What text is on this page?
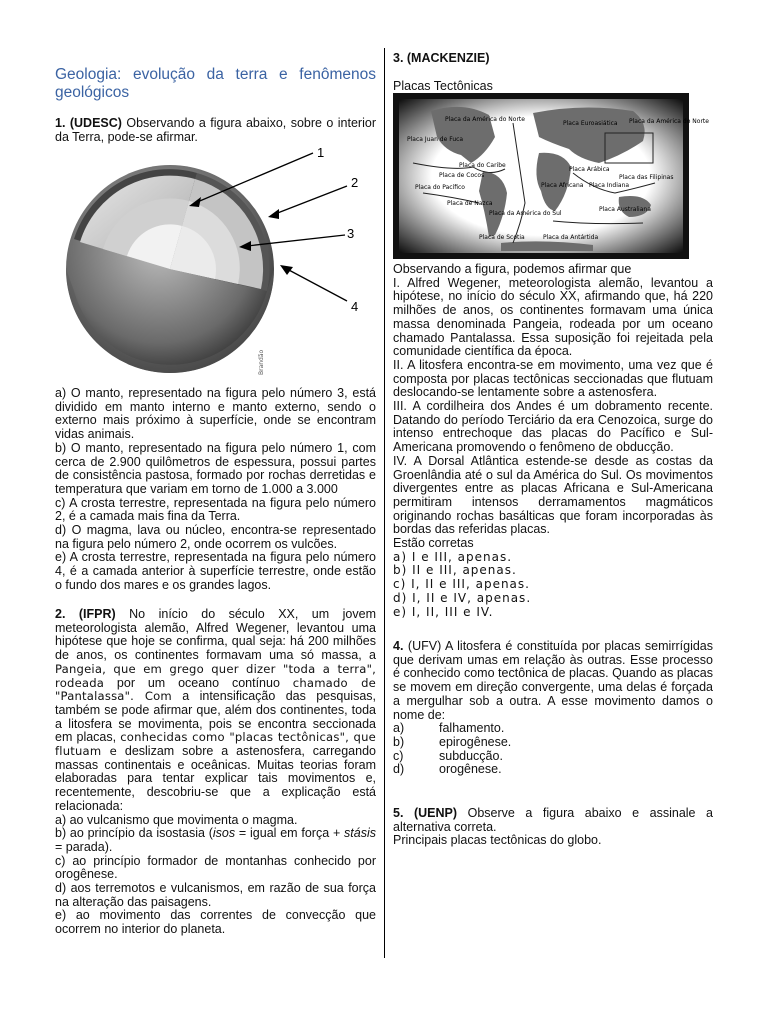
Geologia: evolução da terra e fenômenos geológicos

1. (UDESC) Observando a figura abaixo, sobre o interior da Terra, pode-se afirmar.

1
2
3
4
Brandão

a) O manto, representado na figura pelo número 3, está dividido em manto interno e manto externo, sendo o externo mais próximo à superfície, onde se encontram vidas animais.

b) O manto, representado na figura pelo número 1, com cerca de 2.900 quilômetros de espessura, possui partes de consistência pastosa, formado por rochas derretidas e temperatura que variam em torno de 1.000 a 3.000

c) A crosta terrestre, representada na figura pelo número 2, é a camada mais fina da Terra.

d) O magma, lava ou núcleo, encontra-se representado na figura pelo número 2, onde ocorrem os vulcões.

e) A crosta terrestre, representada na figura pelo número 4, é a camada anterior à superfície terrestre, onde estão o fundo dos mares e os grandes lagos.

2. (IFPR) No início do século XX, um jovem meteorologista alemão, Alfred Wegener, levantou uma hipótese que hoje se confirma, qual seja: há 200 milhões de anos, os continentes formavam uma só massa, a Pangeia, que em grego quer dizer "toda a terra", rodeada por um oceano contínuo chamado de "Pantalassa". Com a intensificação das pesquisas, também se pode afirmar que, além dos continentes, toda a litosfera se movimenta, pois se encontra seccionada em placas, conhecidas como "placas tectônicas", que flutuam e deslizam sobre a astenosfera, carregando massas continentais e oceânicas. Muitas teorias foram elaboradas para tentar explicar tais movimentos e, recentemente, descobriu-se que a explicação está relacionada:

a) ao vulcanismo que movimenta o magma.

b) ao princípio da isostasia (isos = igual em força + stásis = parada).

c) ao princípio formador de montanhas conhecido por orogênese.

d) aos terremotos e vulcanismos, em razão de sua força na alteração das paisagens.

e) ao movimento das correntes de convecção que ocorrem no interior do planeta.

3. (MACKENZIE)

Placas Tectônicas

Placa da América do Norte
Placa Euroasiática
Placa Juan de Fuca
Placa do Caribe
Placa do Pacífico
Placa de Cocos
Placa de Nazca
Placa da América do Sul
Placa Africana
Placa Arábica
Placa Indiana
Placa das Filipinas
Placa Australiana
Placa da Antártida
Placa de Scotia
Placa da América do Norte

Observando a figura, podemos afirmar que

I. Alfred Wegener, meteorologista alemão, levantou a hipótese, no início do século XX, afirmando que, há 220 milhões de anos, os continentes formavam uma única massa denominada Pangeia, rodeada por um oceano chamado Pantalassa. Essa suposição foi rejeitada pela comunidade científica da época.

II. A litosfera encontra-se em movimento, uma vez que é composta por placas tectônicas seccionadas que flutuam deslocando-se lentamente sobre a astenosfera.

III. A cordilheira dos Andes é um dobramento recente. Datando do período Terciário da era Cenozoica, surge do intenso entrechoque das placas do Pacífico e Sul-Americana promovendo o fenômeno de obducção.

IV. A Dorsal Atlântica estende-se desde as costas da Groenlândia até o sul da América do Sul. Os movimentos divergentes entre as placas Africana e Sul-Americana permitiram intensos derramamentos magmáticos originando rochas basálticas que foram incorporadas às bordas das referidas placas.

Estão corretas

a) I e III, apenas.

b) II e III, apenas.

c) I, II e III, apenas.

d) I, II e IV, apenas.

e) I, II, III e IV.

4. (UFV) A litosfera é constituída por placas semirrígidas que derivam umas em relação às outras. Esse processo é conhecido como tectônica de placas. Quando as placas se movem em direção convergente, uma delas é forçada a mergulhar sob a outra. A esse movimento damos o nome de:

a)	falhamento.
b)	epirogênese.
c)	subducção.
d)	orogênese.

5. (UENP) Observe a figura abaixo e assinale a alternativa correta.

Principais placas tectônicas do globo.
